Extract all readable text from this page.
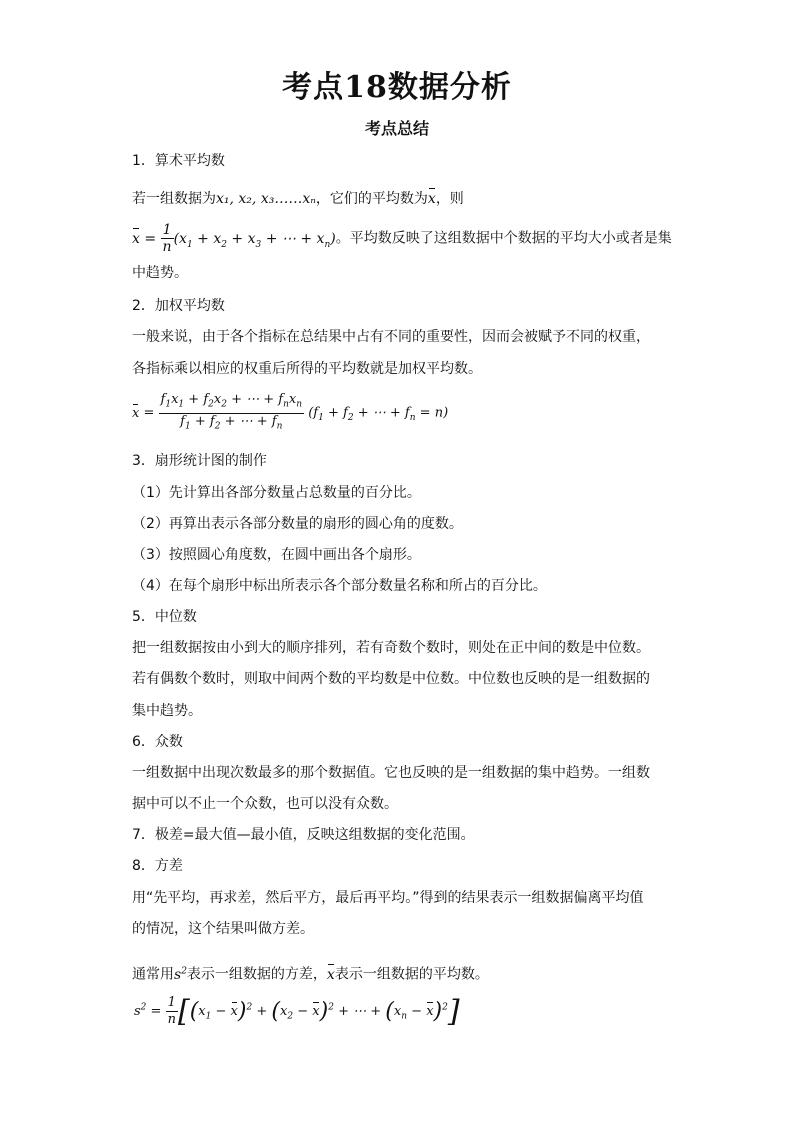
考点18数据分析
考点总结
1．算术平均数
若一组数据为x₁, x₂, x₃……xₙ，它们的平均数为x，则
$x = \frac{1}{n} (x_1 + x_2 + x_3$ + ⋯ + $x_n$)。平均数反映了这组数据中个数据的平均大小或者是集
中趋势。
2．加权平均数
一般来说，由于各个指标在总结果中占有不同的重要性，因而会被赋予不同的权重，
各指标乘以相应的权重后所得的平均数就是加权平均数。
$x = \frac{f_1x_1 + f_2x_2 + \cdots + f_nx_n}{f_1 + f_2 + \cdots + f_n} (f_1 + f_2$ + ⋯ + $f_n = n$)
3．扇形统计图的制作
（1）先计算出各部分数量占总数量的百分比。
（2）再算出表示各部分数量的扇形的圆心角的度数。
（3）按照圆心角度数，在圆中画出各个扇形。
（4）在每个扇形中标出所表示各个部分数量名称和所占的百分比。
5．中位数
把一组数据按由小到大的顺序排列，若有奇数个数时，则处在正中间的数是中位数。
若有偶数个数时，则取中间两个数的平均数是中位数。中位数也反映的是一组数据的
集中趋势。
6．众数
一组数据中出现次数最多的那个数据值。它也反映的是一组数据的集中趋势。一组数
据中可以不止一个众数，也可以没有众数。
7．极差=最大值—最小值，反映这组数据的变化范围。
8．方差
用“先平均，再求差，然后平方，最后再平均。”得到的结果表示一组数据偏离平均值
的情况，这个结果叫做方差。
通常用$s^2$表示一组数据的方差，x表示一组数据的平均数。
$s^2 = \frac{1}{n} [(x_1 - x)^2 + (x_2 - x)^2$ + ⋯ + $(x_n - x)^2$]
